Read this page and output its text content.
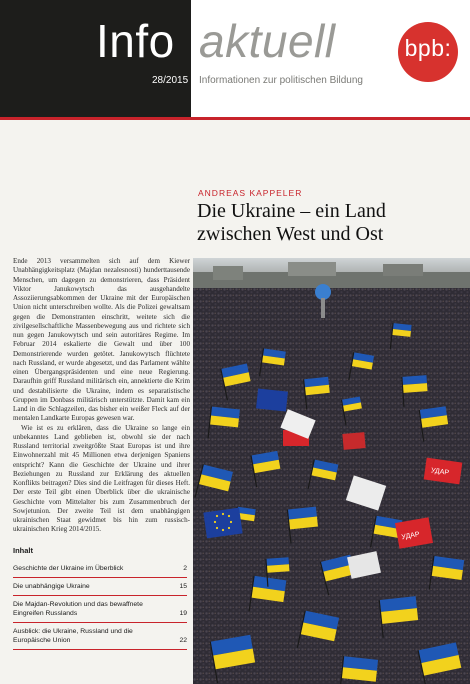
Info aktuell
28/2015 Informationen zur politischen Bildung
bpb:
ANDREAS KAPPELER
Die Ukraine – ein Land
zwischen West und Ost

Ende 2013 versammelten sich auf dem Kiewer Unabhängigkeitsplatz (Majdan nezalesnosti) hunderttausende Menschen, um dagegen zu demonstrieren, dass Präsident Viktor Janukowytsch das ausgehandelte Assoziierungsabkommen der Ukraine mit der Europäischen Union nicht unterschreiben wollte. Als die Polizei gewaltsam gegen die Demonstranten einschritt, weitete sich die zivilgesellschaftliche Massenbewegung aus und richtete sich nun gegen Janukowytsch und sein autoritäres Regime. Im Februar 2014 eskalierte die Gewalt und über 100 Demonstrierende wurden getötet. Janukowytsch flüchtete nach Russland, er wurde abgesetzt, und das Parlament wählte einen Übergangspräsidenten und eine neue Regierung. Daraufhin griff Russland militärisch ein, annektierte die Krim und destabilisierte die Ukraine, indem es separatistische Gruppen im Donbass militärisch unterstützte. Damit kam ein Land in die Schlagzeilen, das bisher ein weißer Fleck auf der mentalen Landkarte Europas gewesen war.

Wie ist es zu erklären, dass die Ukraine so lange ein unbekanntes Land geblieben ist, obwohl sie der nach Russland territorial zweitgrößte Staat Europas ist und ihre Einwohnerzahl mit 45 Millionen etwa derjenigen Spaniens entspricht? Kann die Geschichte der Ukraine und ihrer Beziehungen zu Russland zur Erklärung des aktuellen Konflikts beitragen? Dies sind die Leitfragen für dieses Heft. Der erste Teil gibt einen Überblick über die ukrainische Geschichte vom Mittelalter bis zum Zusammenbruch der Sowjetunion. Der zweite Teil ist dem unabhängigen ukrainischen Staat gewidmet bis hin zum russisch-ukrainischen Krieg 2014/2015.

Inhalt
Geschichte der Ukraine im Überblick	2
Die unabhängige Ukraine	15
Die Majdan-Revolution und das bewaffnete Eingreifen Russlands	19
Ausblick: die Ukraine, Russland und die Europäische Union	22
УДАР
УДАР
